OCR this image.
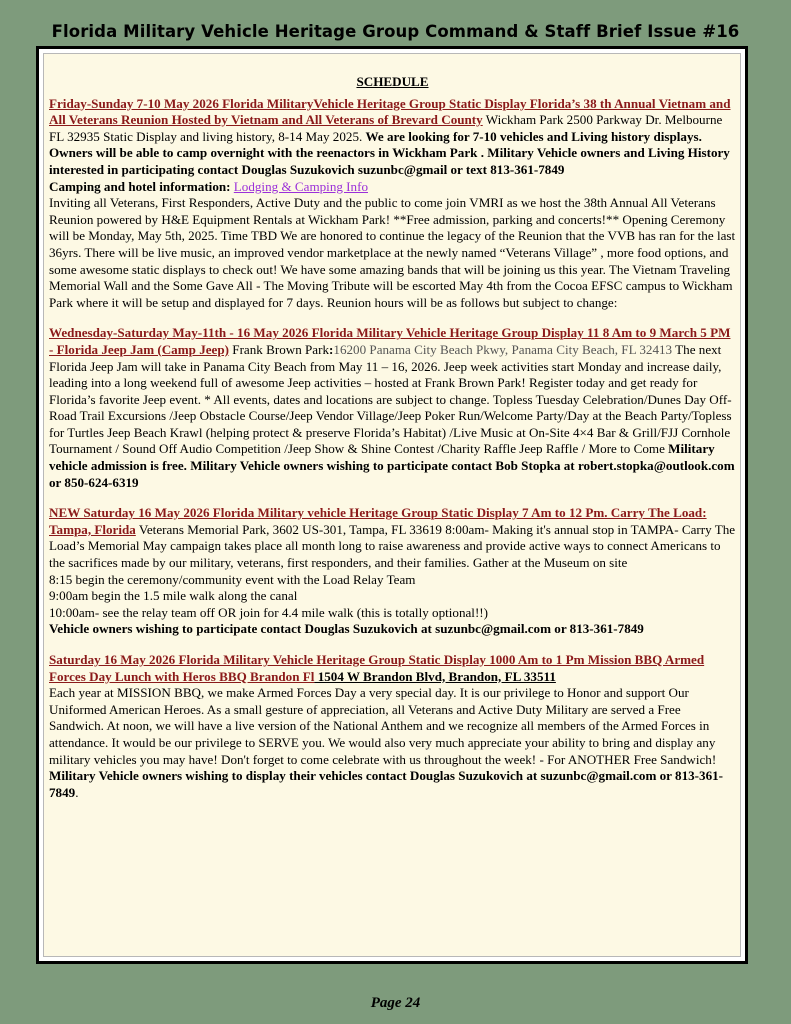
Florida Military Vehicle Heritage Group Command & Staff Brief Issue #16
SCHEDULE
Friday-Sunday 7-10 May 2026 Florida MilitaryVehicle Heritage Group Static Display Florida’s 38 th Annual Vietnam and All Veterans Reunion Hosted by Vietnam and All Veterans of Brevard County Wickham Park 2500 Parkway Dr. Melbourne FL 32935 Static Display and living history, 8-14 May 2025. We are looking for 7-10 vehicles and Living history displays. Owners will be able to camp overnight with the reenactors in Wickham Park . Military Vehicle owners and Living History interested in participating contact Douglas Suzukovich suzunbc@gmail or text 813-361-7849
Camping and hotel information: Lodging & Camping Info
Inviting all Veterans, First Responders, Active Duty and the public to come join VMRI as we host the 38th Annual All Veterans Reunion powered by H&E Equipment Rentals at Wickham Park! **Free admission, parking and concerts!** Opening Ceremony will be Monday, May 5th, 2025. Time TBD We are honored to continue the legacy of the Reunion that the VVB has ran for the last 36yrs. There will be live music, an improved vendor marketplace at the newly named “Veterans Village” , more food options, and some awesome static displays to check out! We have some amazing bands that will be joining us this year. The Vietnam Traveling Memorial Wall and the Some Gave All - The Moving Tribute will be escorted May 4th from the Cocoa EFSC campus to Wickham Park where it will be setup and displayed for 7 days. Reunion hours will be as follows but subject to change:
Wednesday-Saturday May-11th - 16 May 2026 Florida Military Vehicle Heritage Group Display 11 8 Am to 9 March 5 PM - Florida Jeep Jam (Camp Jeep) Frank Brown Park:16200 Panama City Beach Pkwy, Panama City Beach, FL 32413 The next Florida Jeep Jam will take in Panama City Beach from May 11 – 16, 2026. Jeep week activities start Monday and increase daily, leading into a long weekend full of awesome Jeep activities – hosted at Frank Brown Park! Register today and get ready for Florida’s favorite Jeep event. * All events, dates and locations are subject to change. Topless Tuesday Celebration/Dunes Day Off-Road Trail Excursions /Jeep Obstacle Course/Jeep Vendor Village/Jeep Poker Run/Welcome Party/Day at the Beach Party/Topless for Turtles Jeep Beach Krawl (helping protect & preserve Florida’s Habitat) /Live Music at On-Site 4×4 Bar & Grill/FJJ Cornhole Tournament / Sound Off Audio Competition /Jeep Show & Shine Contest /Charity Raffle Jeep Raffle / More to Come Military vehicle admission is free. Military Vehicle owners wishing to participate contact Bob Stopka at robert.stopka@outlook.com or 850-624-6319
NEW Saturday 16 May 2026 Florida Military vehicle Heritage Group Static Display 7 Am to 12 Pm. Carry The Load: Tampa, Florida Veterans Memorial Park, 3602 US-301, Tampa, FL 33619 8:00am- Making it's annual stop in TAMPA- Carry The Load’s Memorial May campaign takes place all month long to raise awareness and provide active ways to connect Americans to the sacrifices made by our military, veterans, first responders, and their families. Gather at the Museum on site
8:15 begin the ceremony/community event with the Load Relay Team
9:00am begin the 1.5 mile walk along the canal
10:00am- see the relay team off OR join for 4.4 mile walk (this is totally optional!!)
Vehicle owners wishing to participate contact Douglas Suzukovich at suzunbc@gmail.com or 813-361-7849
Saturday 16 May 2026 Florida Military Vehicle Heritage Group Static Display 1000 Am to 1 Pm Mission BBQ Armed Forces Day Lunch with Heros BBQ Brandon Fl 1504 W Brandon Blvd, Brandon, FL 33511
Each year at MISSION BBQ, we make Armed Forces Day a very special day. It is our privilege to Honor and support Our Uniformed American Heroes. As a small gesture of appreciation, all Veterans and Active Duty Military are served a Free Sandwich. At noon, we will have a live version of the National Anthem and we recognize all members of the Armed Forces in attendance. It would be our privilege to SERVE you. We would also very much appreciate your ability to bring and display any military vehicles you may have! Don't forget to come celebrate with us throughout the week! - For ANOTHER Free Sandwich! Military Vehicle owners wishing to display their vehicles contact Douglas Suzukovich at suzunbc@gmail.com or 813-361-7849.
Page 24
